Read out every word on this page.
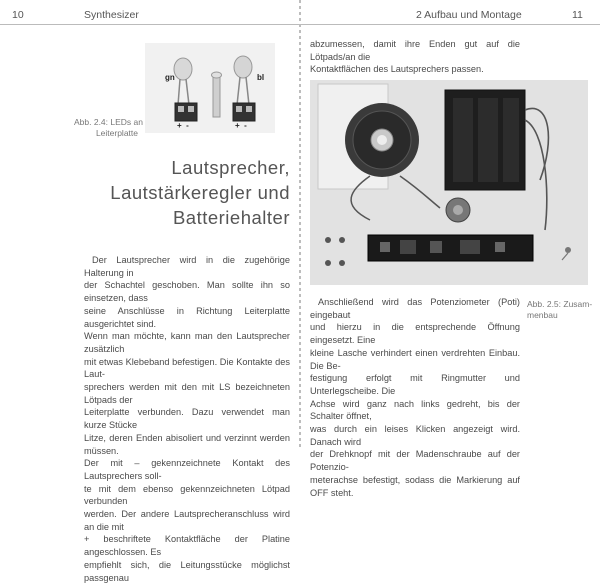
10	Synthesizer
gn	bl
+  -	+  -
Abb. 2.4: LEDs an
Leiterplatte
Lautsprecher,
Lautstärkeregler und
Batteriehalter

Der Lautsprecher wird in die zugehörige Halterung in

der Schachtel geschoben. Man sollte ihn so einsetzen, dass

seine Anschlüsse in Richtung Leiterplatte ausgerichtet sind.

Wenn man möchte, kann man den Lautsprecher zusätzlich

mit etwas Klebeband befestigen. Die Kontakte des Laut-

sprechers werden mit den mit LS bezeichneten Lötpads der

Leiterplatte verbunden. Dazu verwendet man kurze Stücke

Litze, deren Enden abisoliert und verzinnt werden müssen.

Der mit – gekennzeichnete Kontakt des Lautsprechers soll-

te mit dem ebenso gekennzeichneten Lötpad verbunden

werden. Der andere Lautsprecheranschluss wird an die mit

+ beschriftete Kontaktfläche der Platine angeschlossen. Es

empfiehlt sich, die Leitungsstücke möglichst passgenau

2 Aufbau und Montage	11

abzumessen, damit ihre Enden gut auf die Lötpads/an die

Kontaktflächen des Lautsprechers passen.

Anschließend wird das Potenziometer (Poti) eingebaut

und hierzu in die entsprechende Öffnung eingesetzt. Eine

kleine Lasche verhindert einen verdrehten Einbau. Die Be-

festigung erfolgt mit Ringmutter und Unterlegscheibe. Die

Achse wird ganz nach links gedreht, bis der Schalter öffnet,

was durch ein leises Klicken angezeigt wird. Danach wird

der Drehknopf mit der Madenschraube auf der Potenzio-

meterachse befestigt, sodass die Markierung auf OFF steht.

Abb. 2.5: Zusam-
menbau
